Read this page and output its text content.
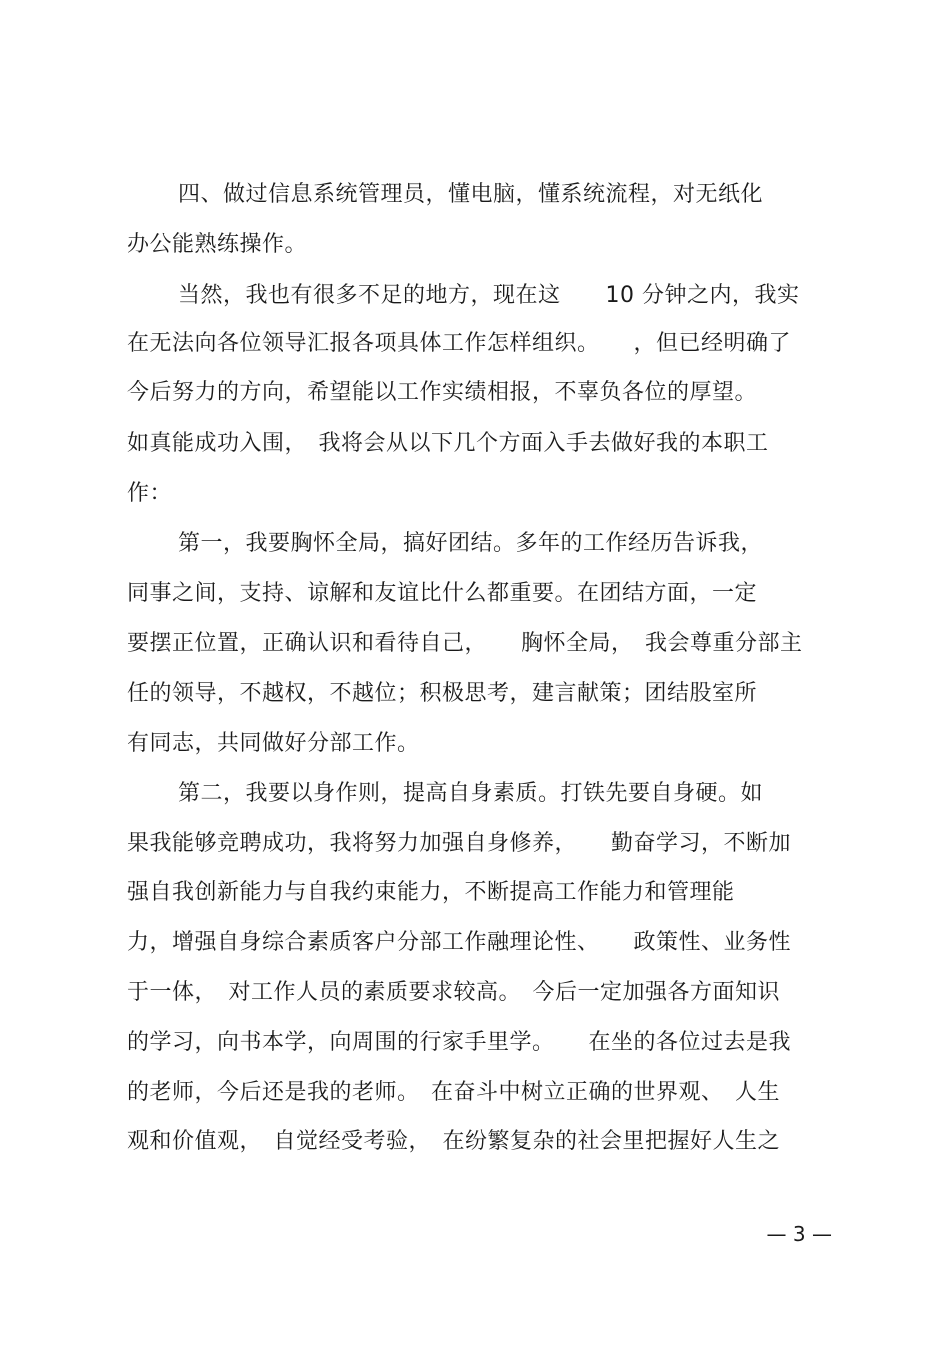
四、做过信息系统管理员，懂电脑，懂系统流程，对无纸化
办公能熟练操作。
当然，我也有很多不足的地方，现在这　　10 分钟之内，我实
在无法向各位领导汇报各项具体工作怎样组织。　　，但已经明确了
今后努力的方向，希望能以工作实绩相报，不辜负各位的厚望。
如真能成功入围，　我将会从以下几个方面入手去做好我的本职工
作：
第一，我要胸怀全局，搞好团结。多年的工作经历告诉我，
同事之间，支持、谅解和友谊比什么都重要。在团结方面，一定
要摆正位置，正确认识和看待自己，　　胸怀全局，　我会尊重分部主
任的领导，不越权，不越位；积极思考，建言献策；团结股室所
有同志，共同做好分部工作。
第二，我要以身作则，提高自身素质。打铁先要自身硬。如
果我能够竞聘成功，我将努力加强自身修养，　　勤奋学习，不断加
强自我创新能力与自我约束能力，不断提高工作能力和管理能
力，增强自身综合素质客户分部工作融理论性、　　政策性、业务性
于一体，　对工作人员的素质要求较高。　今后一定加强各方面知识
的学习，向书本学，向周围的行家手里学。　　在坐的各位过去是我
的老师，今后还是我的老师。　在奋斗中树立正确的世界观、　人生
观和价值观，　自觉经受考验，　在纷繁复杂的社会里把握好人生之
— 3 —
